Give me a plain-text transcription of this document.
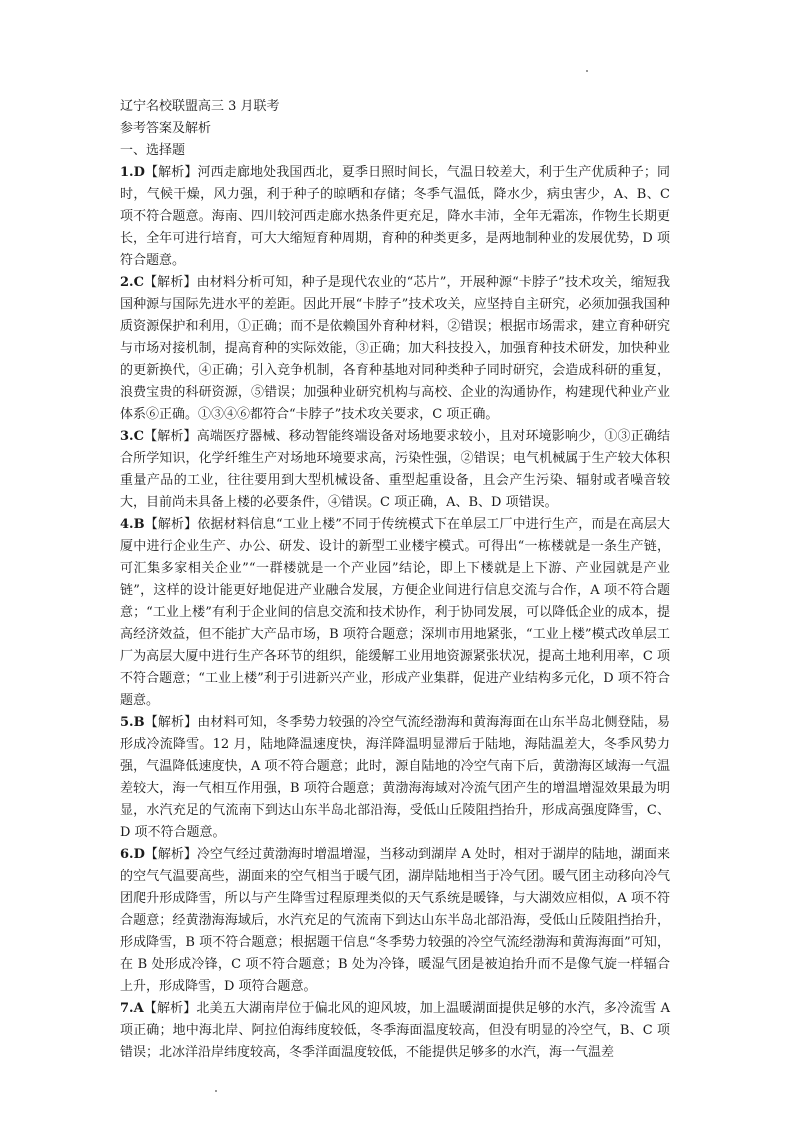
辽宁名校联盟高三 3 月联考
参考答案及解析
一、选择题

1.D【解析】河西走廊地处我国西北，夏季日照时间长，气温日较差大，利于生产优质种子；同时，气候干燥，风力强，利于种子的晾晒和存储；冬季气温低，降水少，病虫害少，A、B、C 项不符合题意。海南、四川较河西走廊水热条件更充足，降水丰沛，全年无霜冻，作物生长期更长，全年可进行培育，可大大缩短育种周期，育种的种类更多，是两地制种业的发展优势，D 项符合题意。

2.C【解析】由材料分析可知，种子是现代农业的“芯片”，开展种源“卡脖子”技术攻关，缩短我国种源与国际先进水平的差距。因此开展“卡脖子”技术攻关，应坚持自主研究，必须加强我国种质资源保护和利用，①正确；而不是依赖国外育种材料，②错误；根据市场需求，建立育种研究与市场对接机制，提高育种的实际效能，③正确；加大科技投入，加强育种技术研发，加快种业的更新换代，④正确；引入竞争机制，各育种基地对同种类种子同时研究，会造成科研的重复，浪费宝贵的科研资源，⑤错误；加强种业研究机构与高校、企业的沟通协作，构建现代种业产业体系⑥正确。①③④⑥都符合“卡脖子”技术攻关要求，C 项正确。

3.C【解析】高端医疗器械、移动智能终端设备对场地要求较小，且对环境影响少，①③正确结合所学知识，化学纤维生产对场地环境要求高，污染性强，②错误；电气机械属于生产较大体积重量产品的工业，往往要用到大型机械设备、重型起重设备，且会产生污染、辐射或者噪音较大，目前尚未具备上楼的必要条件，④错误。C 项正确，A、B、D 项错误。

4.B【解析】依据材料信息“工业上楼”不同于传统模式下在单层工厂中进行生产，而是在高层大厦中进行企业生产、办公、研发、设计的新型工业楼宇模式。可得出“一栋楼就是一条生产链，可汇集多家相关企业”“一群楼就是一个产业园”结论，即上下楼就是上下游、产业园就是产业链”，这样的设计能更好地促进产业融合发展，方便企业间进行信息交流与合作，A 项不符合题意；“工业上楼”有利于企业间的信息交流和技术协作，利于协同发展，可以降低企业的成本，提高经济效益，但不能扩大产品市场，B 项符合题意；深圳市用地紧张，“工业上楼”模式改单层工厂为高层大厦中进行生产各环节的组织，能缓解工业用地资源紧张状况，提高土地利用率，C 项不符合题意；“工业上楼”利于引进新兴产业，形成产业集群，促进产业结构多元化，D 项不符合题意。

5.B【解析】由材料可知，冬季势力较强的冷空气流经渤海和黄海海面在山东半岛北侧登陆，易形成冷流降雪。12 月，陆地降温速度快，海洋降温明显滞后于陆地，海陆温差大，冬季风势力强，气温降低速度快，A 项不符合题意；此时，源自陆地的冷空气南下后，黄渤海区域海一气温差较大，海一气相互作用强，B 项符合题意；黄渤海海域对冷流气团产生的增温增湿效果最为明显，水汽充足的气流南下到达山东半岛北部沿海，受低山丘陵阻挡抬升，形成高强度降雪，C、D 项不符合题意。

6.D【解析】冷空气经过黄渤海时增温增湿，当移动到湖岸 A 处时，相对于湖岸的陆地，湖面来的空气气温要高些，湖面来的空气相当于暖气团，湖岸陆地相当于冷气团。暖气团主动移向冷气团爬升形成降雪，所以与产生降雪过程原理类似的天气系统是暖锋，与大湖效应相似，A 项不符合题意；经黄渤海海域后，水汽充足的气流南下到达山东半岛北部沿海，受低山丘陵阻挡抬升，形成降雪，B 项不符合题意；根据题干信息“冬季势力较强的冷空气流经渤海和黄海海面”可知，在 B 处形成冷锋，C 项不符合题意；B 处为冷锋，暖湿气团是被迫抬升而不是像气旋一样辐合上升，形成降雪，D 项符合题意。

7.A【解析】北美五大湖南岸位于偏北风的迎风坡，加上温暖湖面提供足够的水汽，多冷流雪 A 项正确；地中海北岸、阿拉伯海纬度较低，冬季海面温度较高，但没有明显的冷空气，B、C 项错误；北冰洋沿岸纬度较高，冬季洋面温度较低，不能提供足够多的水汽，海一气温差
